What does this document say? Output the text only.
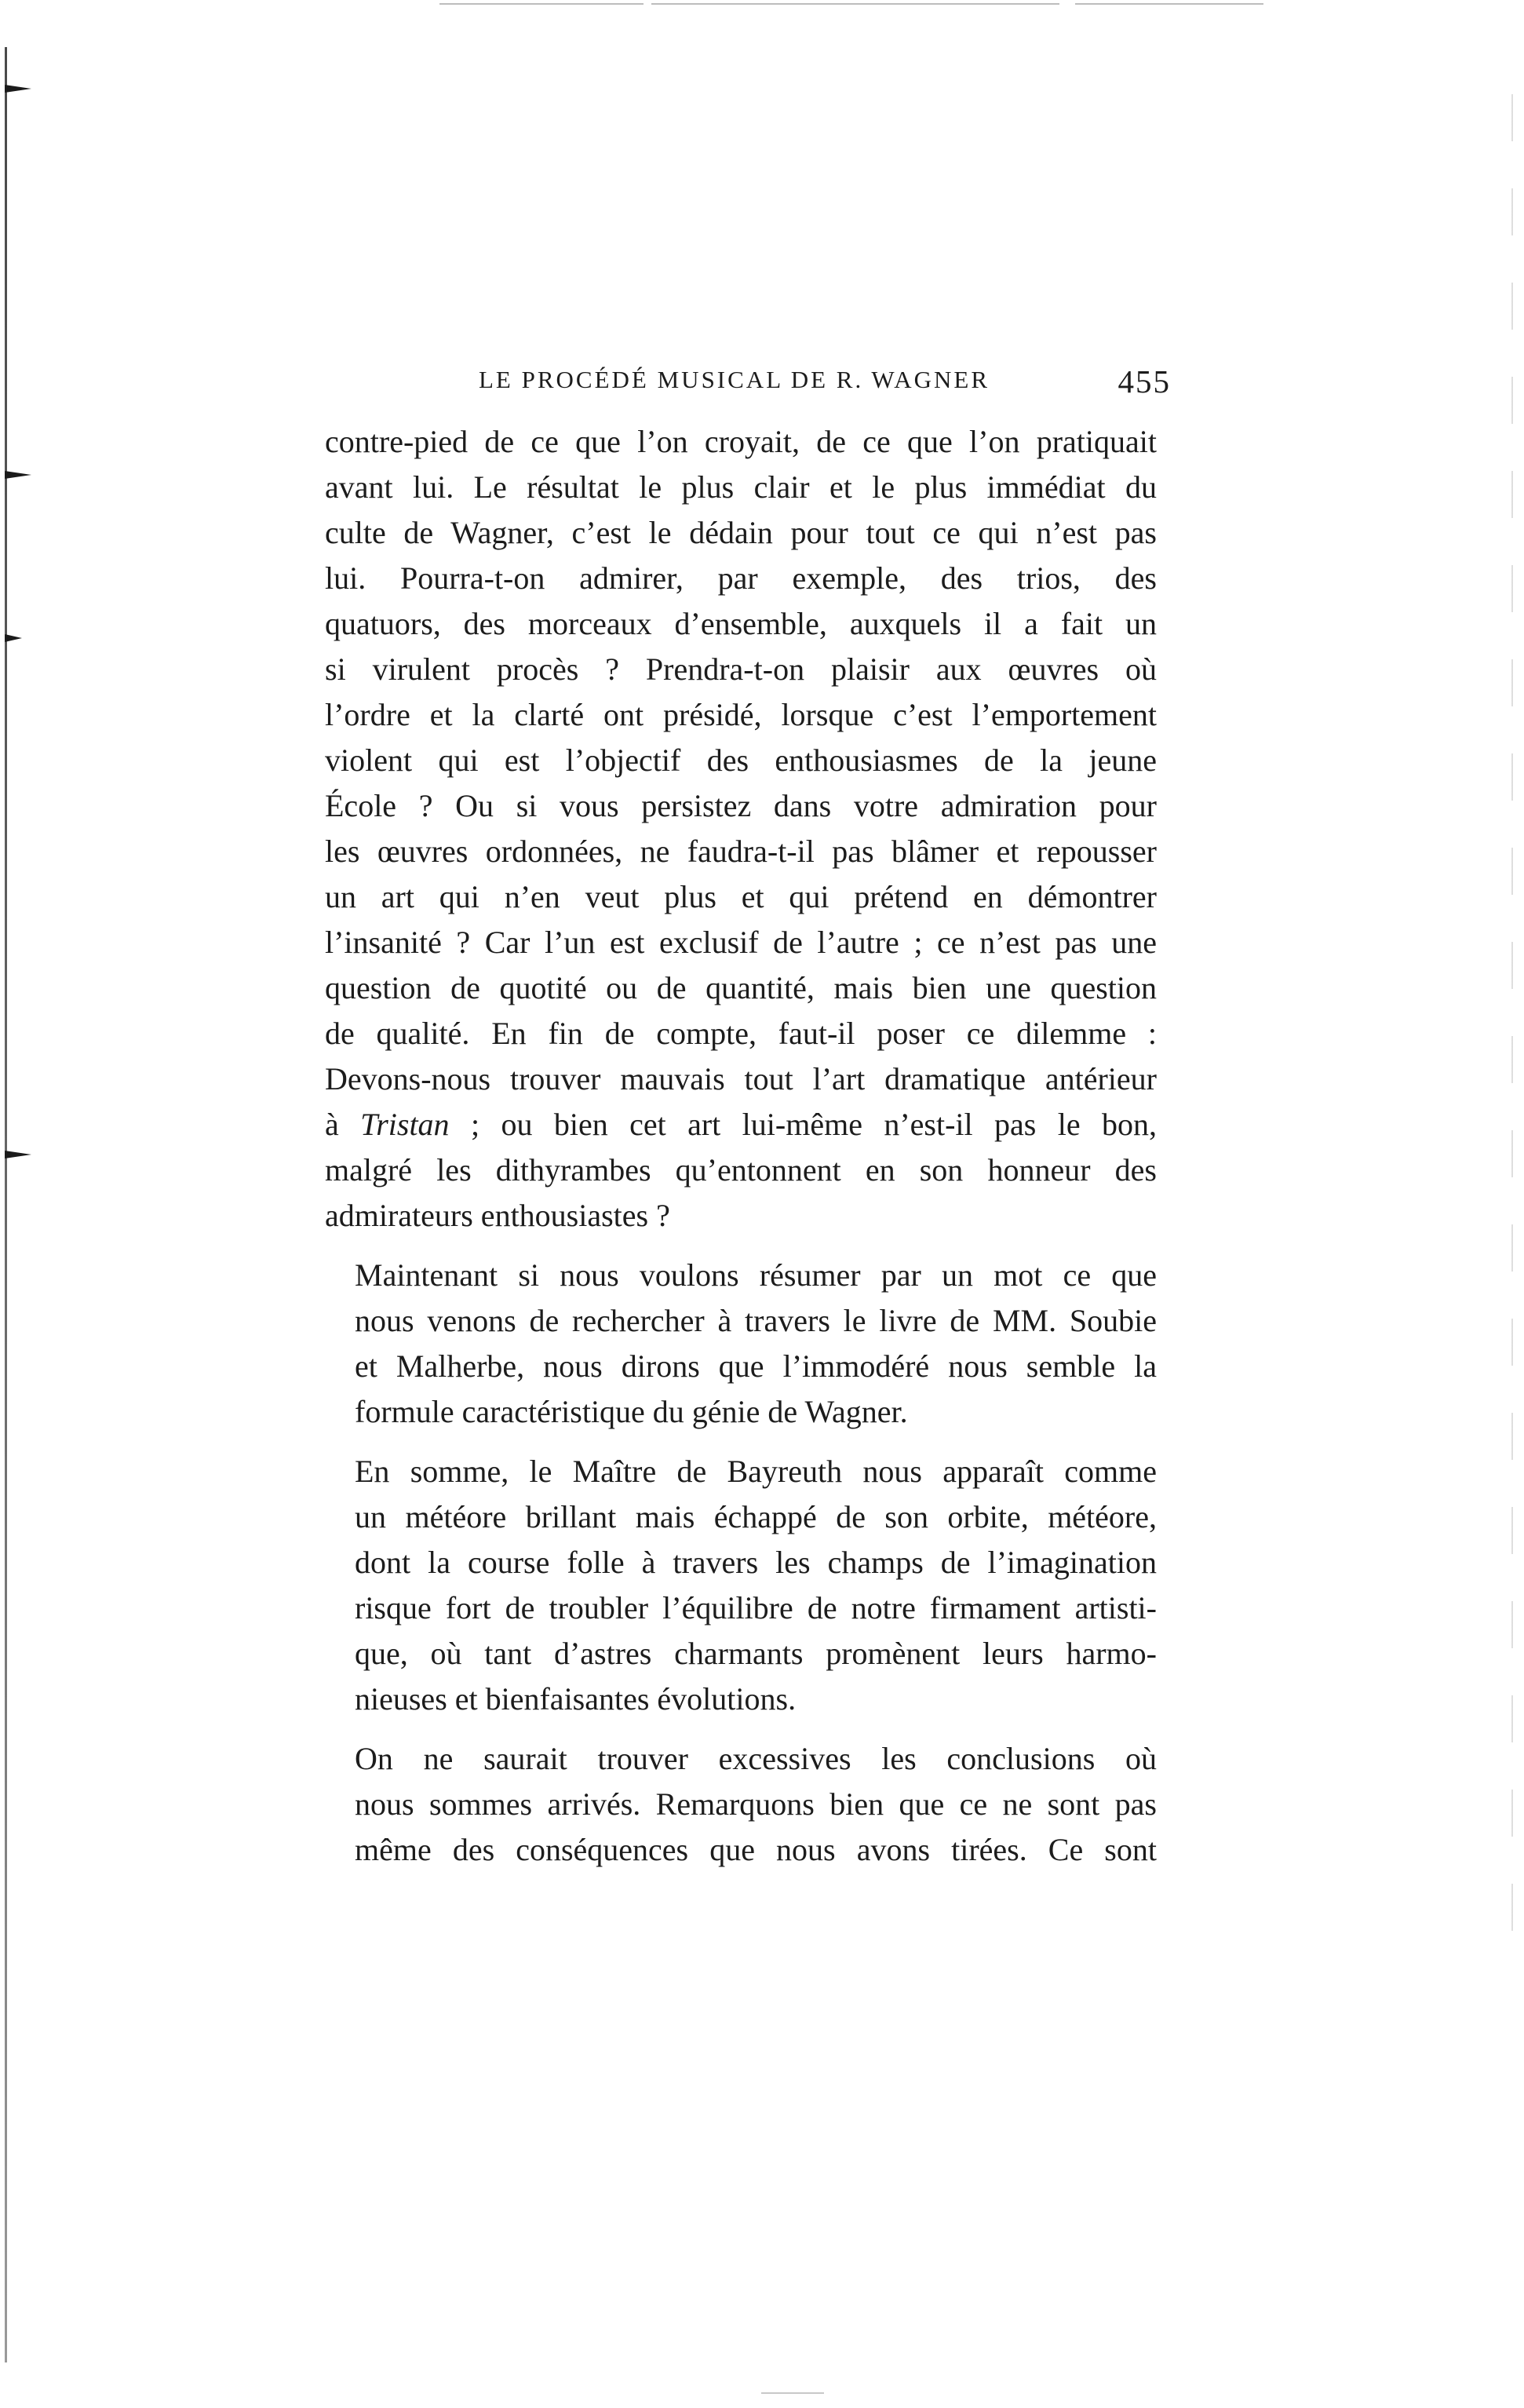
LE PROCÉDÉ MUSICAL DE R. WAGNER	455

contre-pied de ce que l’on croyait, de ce que l’on pratiquait
avant lui. Le résultat le plus clair et le plus immédiat du
culte de Wagner, c’est le dédain pour tout ce qui n’est pas
lui. Pourra-t-on admirer, par exemple, des trios, des
quatuors, des morceaux d’ensemble, auxquels il a fait un
si virulent procès ? Prendra-t-on plaisir aux œuvres où
l’ordre et la clarté ont présidé, lorsque c’est l’emportement
violent qui est l’objectif des enthousiasmes de la jeune
École ? Ou si vous persistez dans votre admiration pour
les œuvres ordonnées, ne faudra-t-il pas blâmer et repousser
un art qui n’en veut plus et qui prétend en démontrer
l’insanité ? Car l’un est exclusif de l’autre ; ce n’est pas une
question de quotité ou de quantité, mais bien une question
de qualité. En fin de compte, faut-il poser ce dilemme :
Devons-nous trouver mauvais tout l’art dramatique antérieur
à Tristan ; ou bien cet art lui-même n’est-il pas le bon,
malgré les dithyrambes qu’entonnent en son honneur des
admirateurs enthousiastes ?

Maintenant si nous voulons résumer par un mot ce que
nous venons de rechercher à travers le livre de MM. Soubie
et Malherbe, nous dirons que l’immodéré nous semble la
formule caractéristique du génie de Wagner.

En somme, le Maître de Bayreuth nous apparaît comme
un météore brillant mais échappé de son orbite, météore,
dont la course folle à travers les champs de l’imagination
risque fort de troubler l’équilibre de notre firmament artisti-
que, où tant d’astres charmants promènent leurs harmo-
nieuses et bienfaisantes évolutions.

On ne saurait trouver excessives les conclusions où
nous sommes arrivés. Remarquons bien que ce ne sont pas
même des conséquences que nous avons tirées. Ce sont
